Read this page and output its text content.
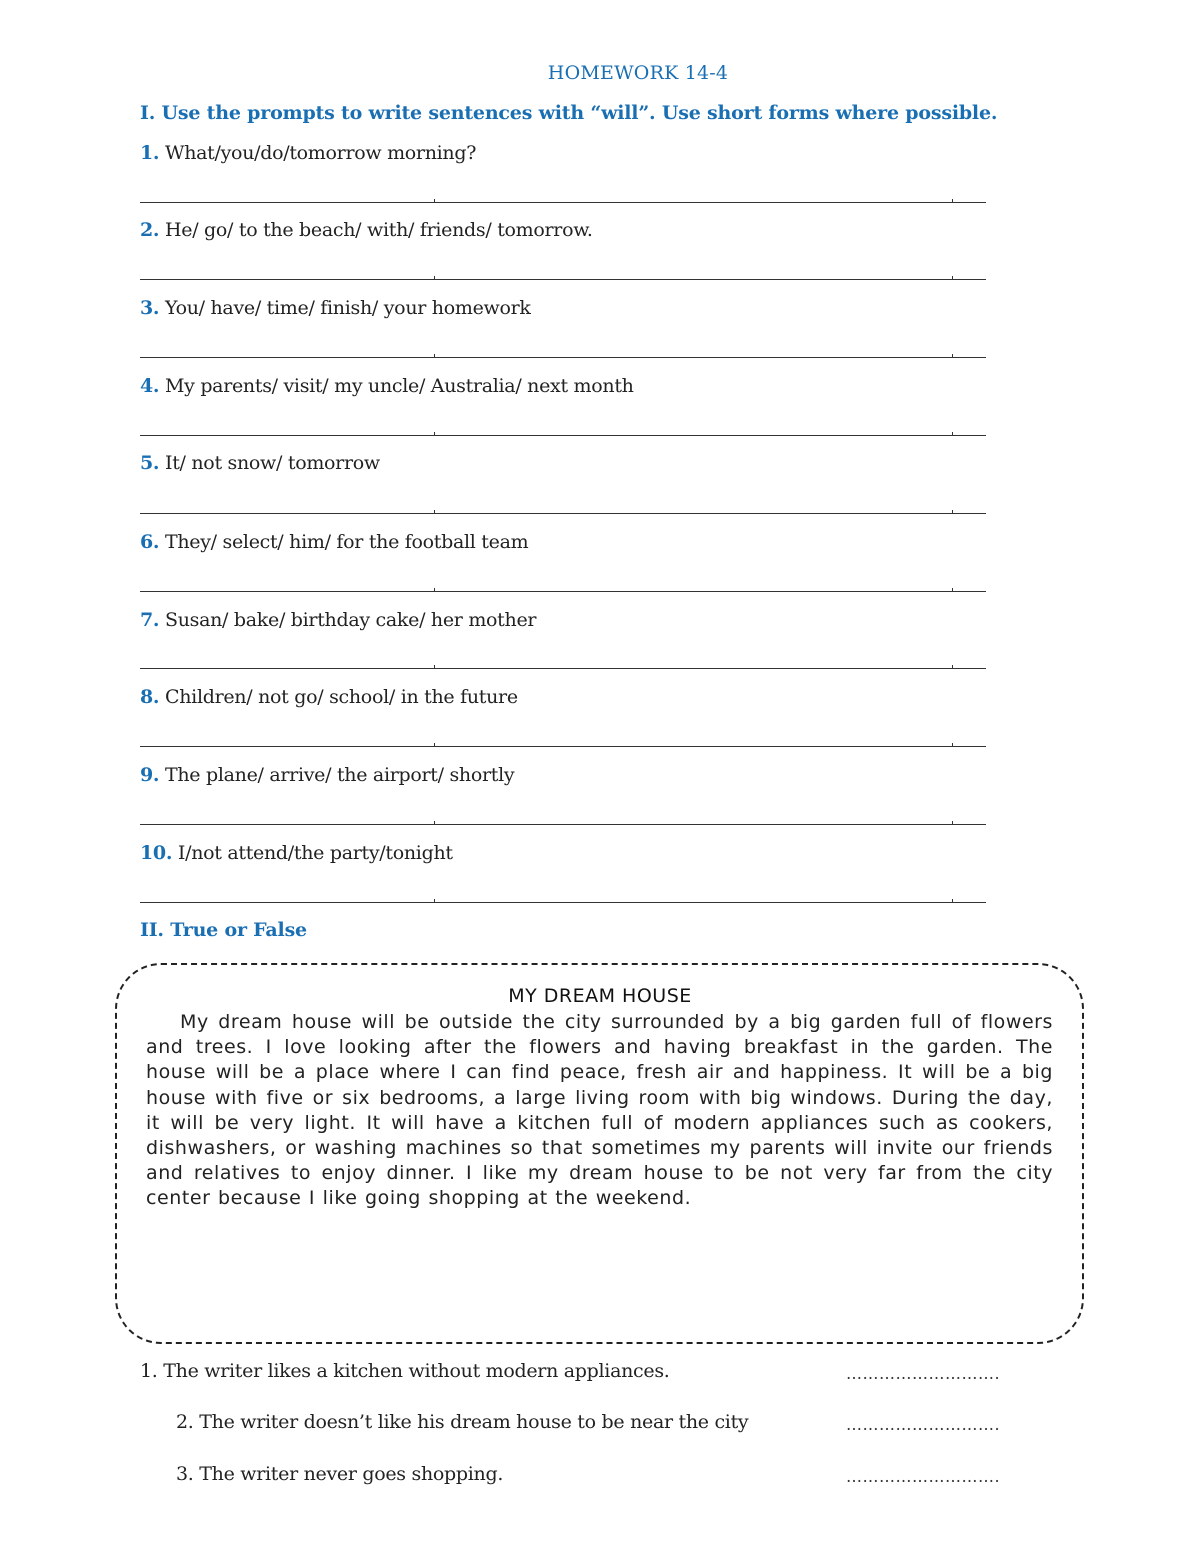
HOMEWORK 14-4
I. Use the prompts to write sentences with “will”. Use short forms where possible.
1. What/you/do/tomorrow morning?
2. He/ go/ to the beach/ with/ friends/ tomorrow.
3. You/ have/ time/ finish/ your homework
4. My parents/ visit/ my uncle/ Australia/ next month
5. It/ not snow/ tomorrow
6. They/ select/ him/ for the football team
7. Susan/ bake/ birthday cake/ her mother
8. Children/ not go/ school/ in the future
9. The plane/ arrive/ the airport/ shortly
10. I/not attend/the party/tonight
II. True or False
MY DREAM HOUSE

My dream house will be outside the city surrounded by a big garden full of flowers and trees. I love looking after the flowers and having breakfast in the garden. The house will be a place where I can find peace, fresh air and happiness. It will be a big house with five or six bedrooms, a large living room with big windows. During the day, it will be very light. It will have a kitchen full of modern appliances such as cookers, dishwashers, or washing machines so that sometimes my parents will invite our friends and relatives to enjoy dinner. I like my dream house to be not very far from the city center because I like going shopping at the weekend.

1. The writer likes a kitchen without modern appliances.	……………………….
2. The writer doesn’t like his dream house to be near the city	……………………….
3. The writer never goes shopping.	……………………….
